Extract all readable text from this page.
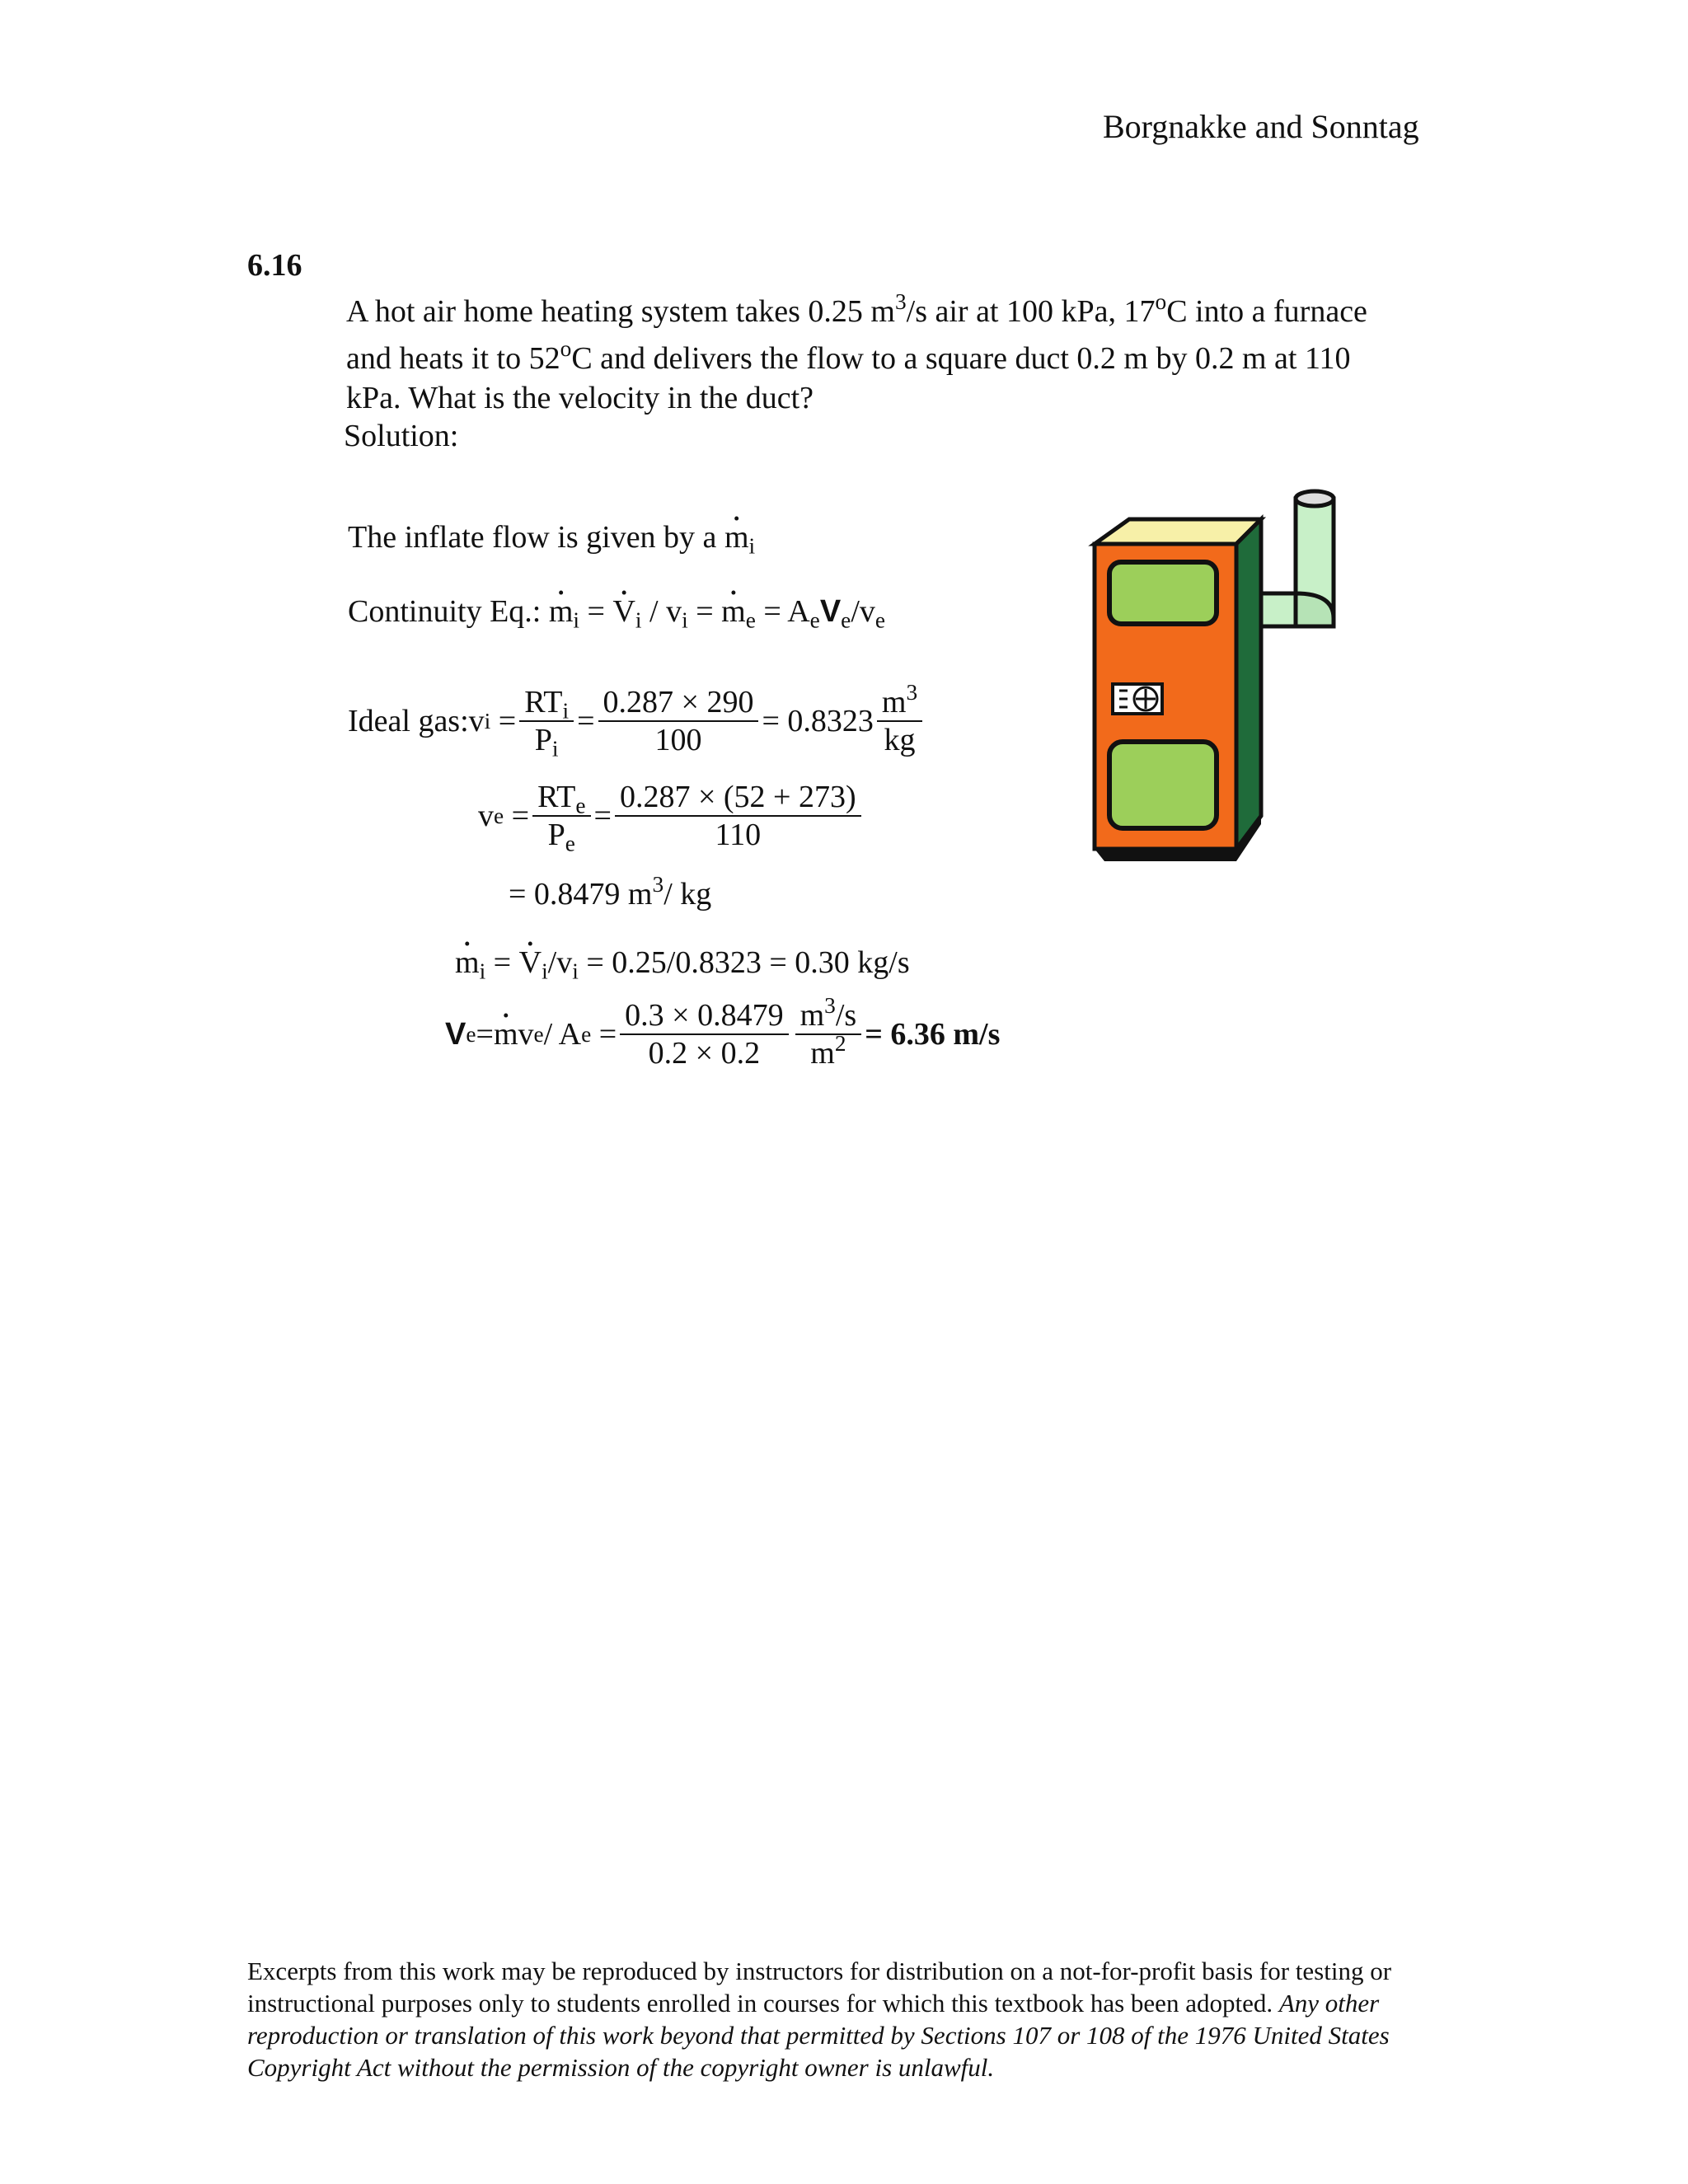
Borgnakke and Sonntag
6.16
A hot air home heating system takes 0.25 $m^3/s$ air at 100 kPa, 17$^o$C into a furnace
and heats it to 52$^o$C and delivers the flow to a square duct 0.2 m by 0.2 m at 110
kPa. What is the velocity in the duct?
Solution:
The inflate flow is given by a • $m_i$
Continuity Eq.: • $m_i$ = • $V_i / v_i$ = • $m_e = A_eV_e/v_e$
Ideal gas: v $i = \frac{RT_i}{P_i} = \frac{0.287 \times 290}{100} = 0.8323 \frac{m^3}{kg}$
v $e = \frac{RT_e}{P_e} = \frac{0.287 \times (52 + 273)}{110}$
= 0.8479 $m^3/$ kg
• $m_i$ = • $V_i/v_i = 0.25/0.8323 = 0.30$ kg/s
V e =
• m v e / A $e = \frac{0.3 \times 0.8479}{0.2 \times 0.2} \frac{m^3/s}{m^2} = 6.36$ m/s
Excerpts from this work may be reproduced by instructors for distribution on a not-for-profit basis for testing or instructional purposes only to students enrolled in courses for which this textbook has been adopted. Any other reproduction or translation of this work beyond that permitted by Sections 107 or 108 of the 1976 United States Copyright Act without the permission of the copyright owner is unlawful.
